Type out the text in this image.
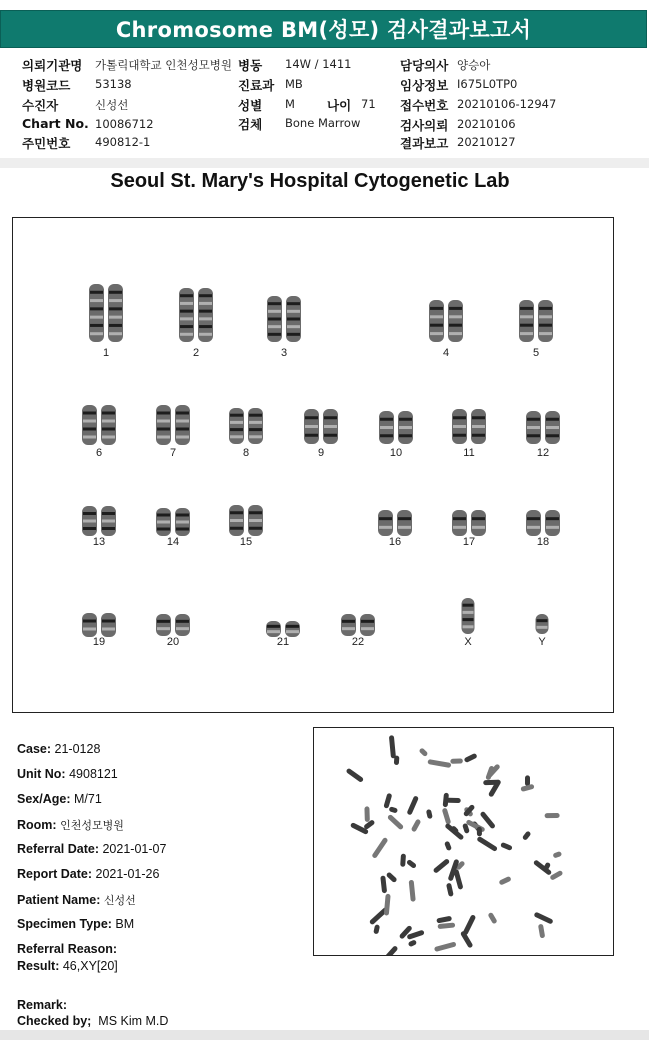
Chromosome BM(성모) 검사결과보고서
의뢰기관명 가톨릭대학교 인천성모병원
병원코드 53138
수진자	신성선
Chart No. 10086712
주민번호 490812-1
병동 14W / 1411
진료과 MB
성별 M	나이 71
검체 Bone Marrow
담당의사 양승아
임상정보 I675L0TP0
접수번호 20210106-12947
검사의뢰 20210106
결과보고 20210127
Seoul St. Mary's Hospital Cytogenetic Lab
1	2	3	4	5
6	7	8	9	10	11	12
13	14	15	16	17	18
19	20	21	22	X	Y
Case: 21-0128
Unit No: 4908121
Sex/Age: M/71
Room: 인천성모병원
Referral Date: 2021-01-07
Report Date: 2021-01-26
Patient Name: 신성선
Specimen Type: BM
Referral Reason:
Result: 46,XY[20]
Remark:
Checked by; MS Kim M.D
